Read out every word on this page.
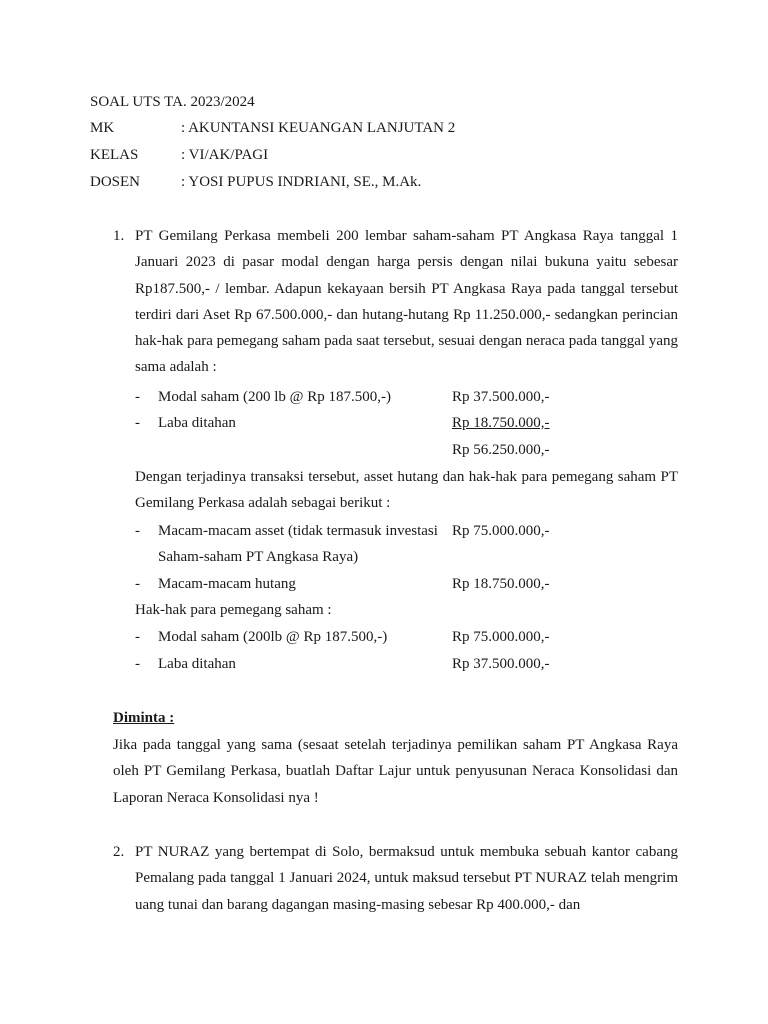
SOAL UTS TA. 2023/2024
MK	: AKUNTANSI KEUANGAN LANJUTAN 2
KELAS	: VI/AK/PAGI
DOSEN	: YOSI PUPUS INDRIANI, SE., M.Ak.
1. PT Gemilang Perkasa membeli 200 lembar saham-saham PT Angkasa Raya tanggal 1 Januari 2023 di pasar modal dengan harga persis dengan nilai bukuna yaitu sebesar Rp187.500,- / lembar. Adapun kekayaan bersih PT Angkasa Raya pada tanggal tersebut terdiri dari Aset Rp 67.500.000,- dan hutang-hutang Rp 11.250.000,- sedangkan perincian hak-hak para pemegang saham pada saat tersebut, sesuai dengan neraca pada tanggal yang sama adalah :
- Modal saham (200 lb @ Rp 187.500,-)	Rp 37.500.000,-
- Laba ditahan	Rp 18.750.000,-
Rp 56.250.000,-
Dengan terjadinya transaksi tersebut, asset hutang dan hak-hak para pemegang saham PT Gemilang Perkasa adalah sebagai berikut :
- Macam-macam asset (tidak termasuk investasi Rp 75.000.000,-
Saham-saham PT Angkasa Raya)
- Macam-macam hutang	Rp 18.750.000,-
Hak-hak para pemegang saham :
- Modal saham (200lb @ Rp 187.500,-)	Rp 75.000.000,-
- Laba ditahan	Rp 37.500.000,-
Diminta :
Jika pada tanggal yang sama (sesaat setelah terjadinya pemilikan saham PT Angkasa Raya oleh PT Gemilang Perkasa, buatlah Daftar Lajur untuk penyusunan Neraca Konsolidasi dan Laporan Neraca Konsolidasi nya !
2. PT NURAZ yang bertempat di Solo, bermaksud untuk membuka sebuah kantor cabang Pemalang pada tanggal 1 Januari 2024, untuk maksud tersebut PT NURAZ telah mengrim uang tunai dan barang dagangan masing-masing sebesar Rp 400.000,- dan
